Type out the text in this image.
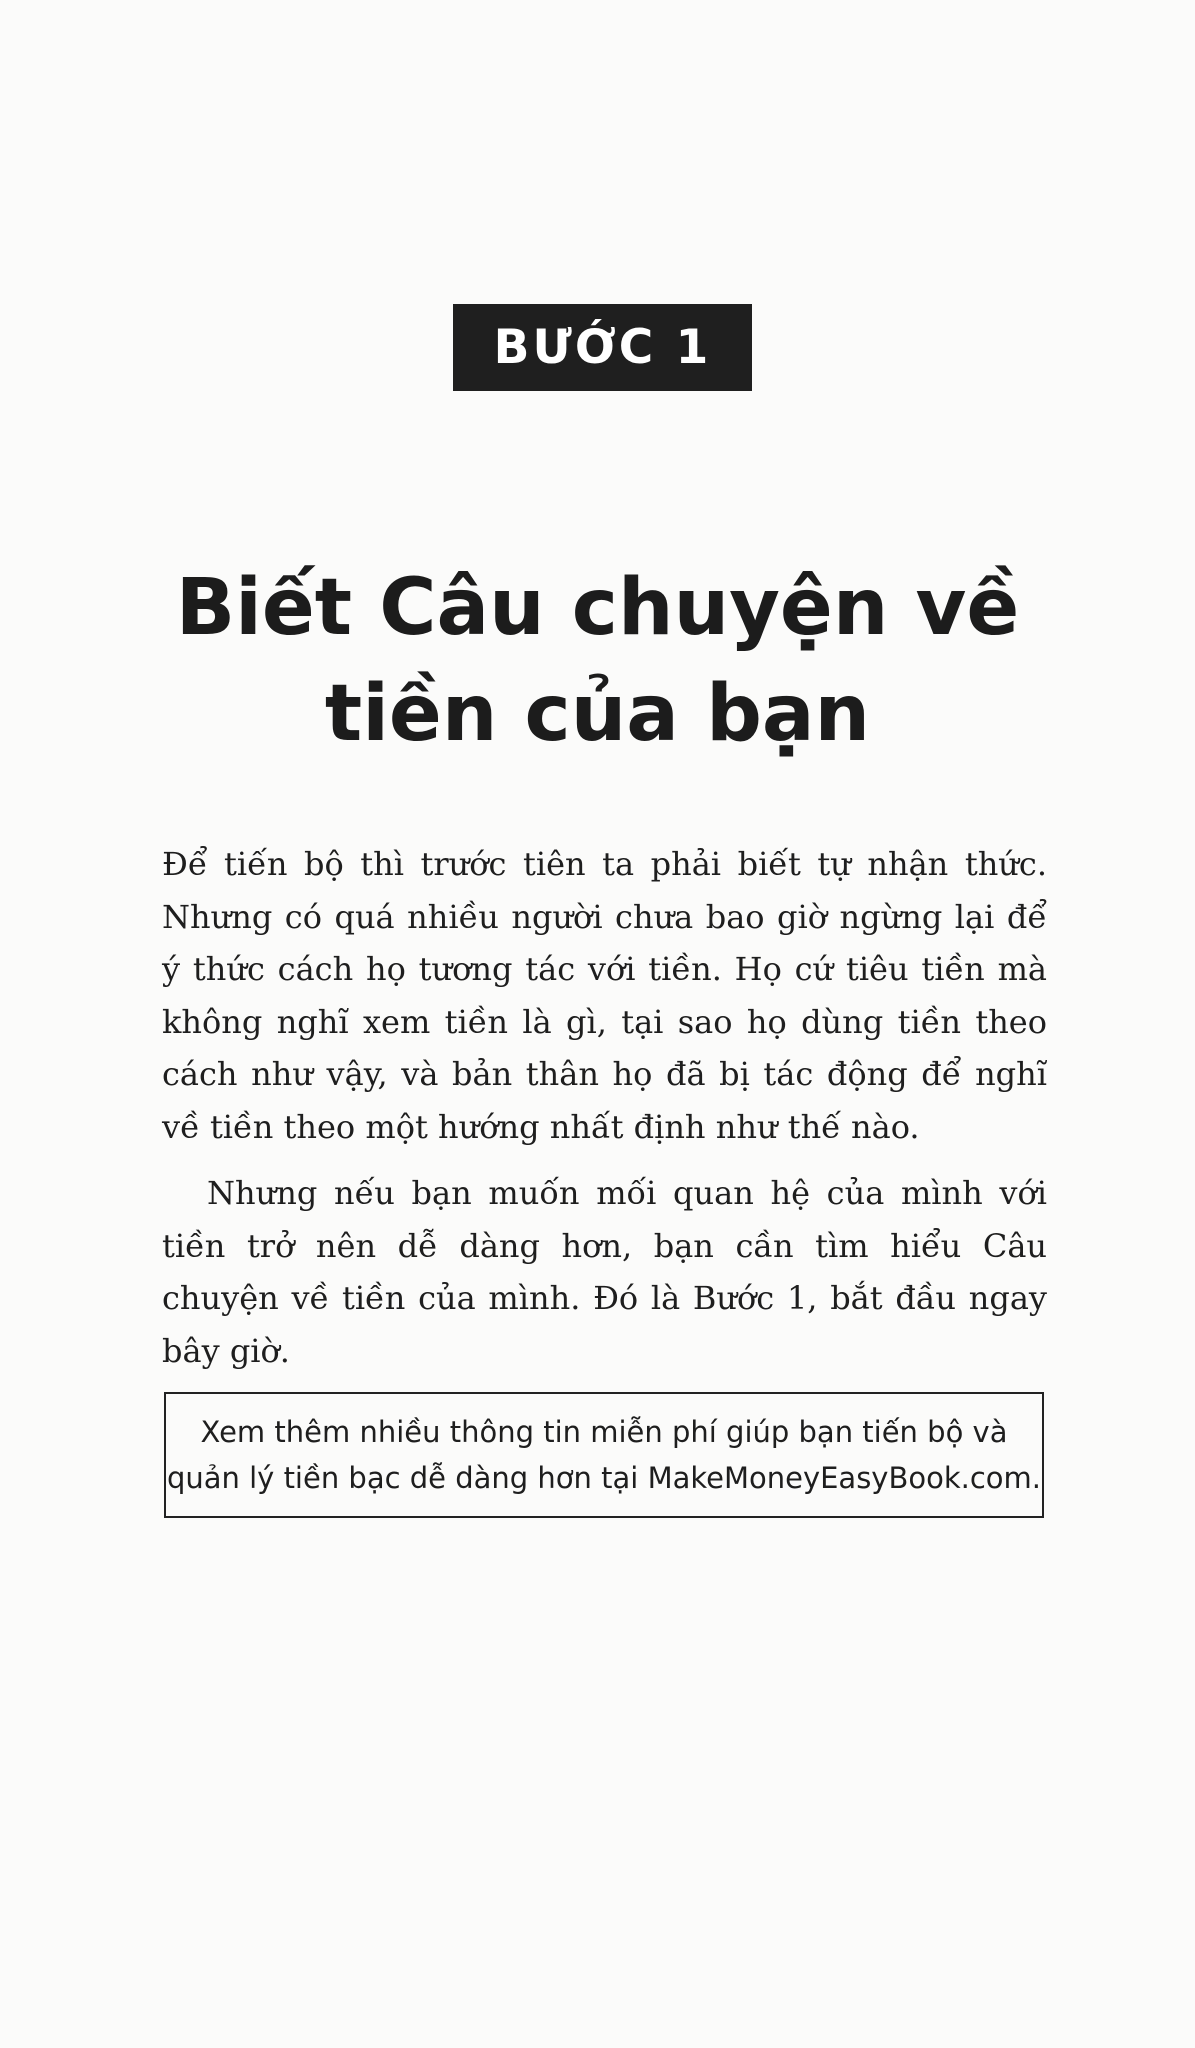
BƯỚC 1
Biết Câu chuyện về
tiền của bạn

Để tiến bộ thì trước tiên ta phải biết tự nhận thức. Nhưng có quá nhiều người chưa bao giờ ngừng lại để ý thức cách họ tương tác với tiền. Họ cứ tiêu tiền mà không nghĩ xem tiền là gì, tại sao họ dùng tiền theo cách như vậy, và bản thân họ đã bị tác động để nghĩ về tiền theo một hướng nhất định như thế nào.

Nhưng nếu bạn muốn mối quan hệ của mình với tiền trở nên dễ dàng hơn, bạn cần tìm hiểu Câu chuyện về tiền của mình. Đó là Bước 1, bắt đầu ngay bây giờ.

Xem thêm nhiều thông tin miễn phí giúp bạn tiến bộ và
quản lý tiền bạc dễ dàng hơn tại MakeMoneyEasyBook.com.
